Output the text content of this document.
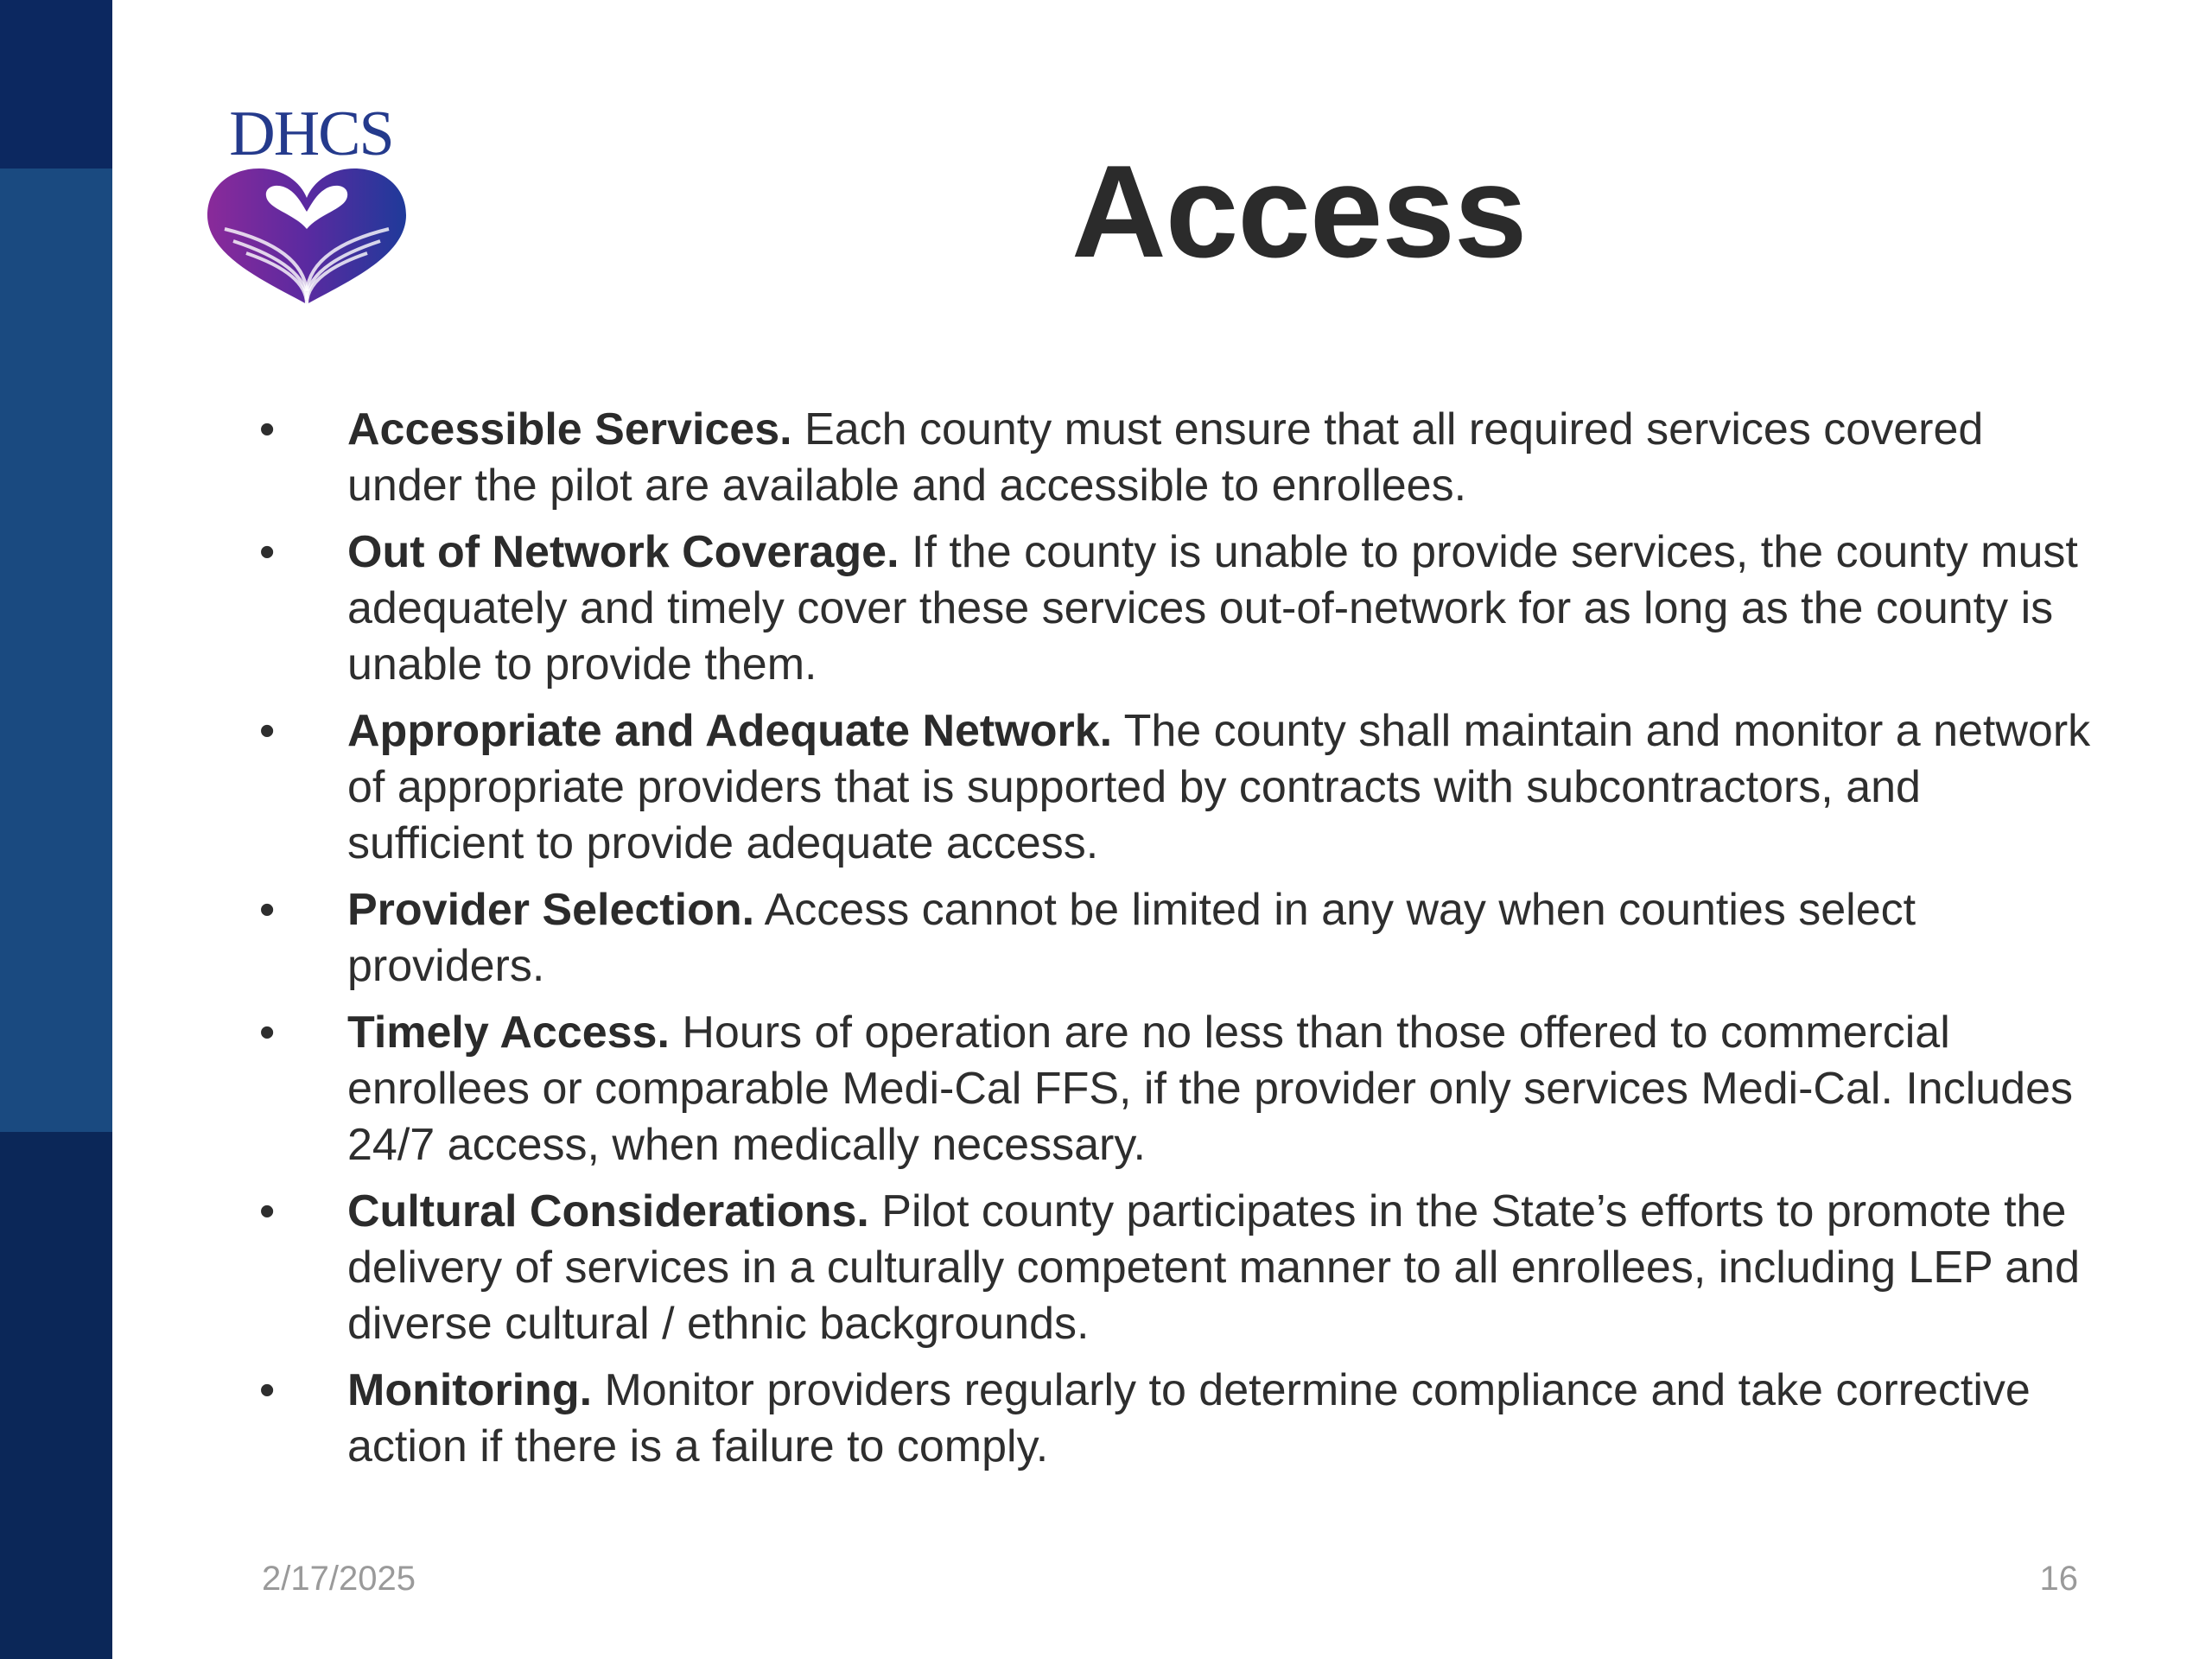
DHCS
Access
• Accessible Services. Each county must ensure that all required services covered under the pilot are available and accessible to enrollees.
• Out of Network Coverage. If the county is unable to provide services, the county must adequately and timely cover these services out-of-network for as long as the county is unable to provide them.
• Appropriate and Adequate Network. The county shall maintain and monitor a network of appropriate providers that is supported by contracts with subcontractors, and sufficient to provide adequate access.
• Provider Selection. Access cannot be limited in any way when counties select providers.
• Timely Access. Hours of operation are no less than those offered to commercial enrollees or comparable Medi-Cal FFS, if the provider only services Medi-Cal. Includes 24/7 access, when medically necessary.
• Cultural Considerations. Pilot county participates in the State’s efforts to promote the delivery of services in a culturally competent manner to all enrollees, including LEP and diverse cultural / ethnic backgrounds.
• Monitoring. Monitor providers regularly to determine compliance and take corrective action if there is a failure to comply.
2/17/2025	16
